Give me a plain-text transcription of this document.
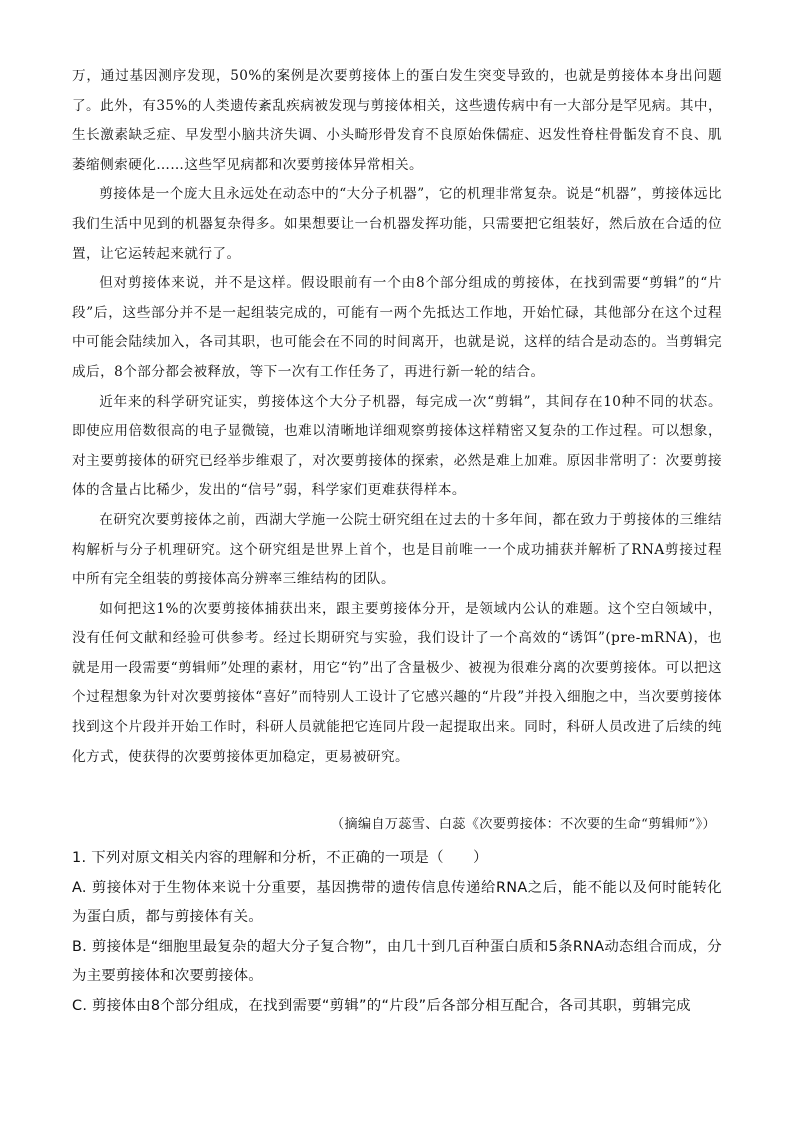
万，通过基因测序发现，50%的案例是次要剪接体上的蛋白发生突变导致的，也就是剪接体本身出问题了。此外，有35%的人类遗传紊乱疾病被发现与剪接体相关，这些遗传病中有一大部分是罕见病。其中，生长激素缺乏症、早发型小脑共济失调、小头畸形骨发育不良原始侏儒症、迟发性脊柱骨骺发育不良、肌萎缩侧索硬化……这些罕见病都和次要剪接体异常相关。

剪接体是一个庞大且永远处在动态中的“大分子机器”，它的机理非常复杂。说是“机器”，剪接体远比我们生活中见到的机器复杂得多。如果想要让一台机器发挥功能，只需要把它组装好，然后放在合适的位置，让它运转起来就行了。

但对剪接体来说，并不是这样。假设眼前有一个由8个部分组成的剪接体，在找到需要“剪辑”的“片段”后，这些部分并不是一起组装完成的，可能有一两个先抵达工作地，开始忙碌，其他部分在这个过程中可能会陆续加入，各司其职，也可能会在不同的时间离开，也就是说，这样的结合是动态的。当剪辑完成后，8个部分都会被释放，等下一次有工作任务了，再进行新一轮的结合。

近年来的科学研究证实，剪接体这个大分子机器，每完成一次“剪辑”，其间存在10种不同的状态。即使应用倍数很高的电子显微镜，也难以清晰地详细观察剪接体这样精密又复杂的工作过程。可以想象，对主要剪接体的研究已经举步维艰了，对次要剪接体的探索，必然是难上加难。原因非常明了：次要剪接体的含量占比稀少，发出的“信号”弱，科学家们更难获得样本。

在研究次要剪接体之前，西湖大学施一公院士研究组在过去的十多年间，都在致力于剪接体的三维结构解析与分子机理研究。这个研究组是世界上首个，也是目前唯一一个成功捕获并解析了RNA剪接过程中所有完全组装的剪接体高分辨率三维结构的团队。

如何把这1%的次要剪接体捕获出来，跟主要剪接体分开，是领域内公认的难题。这个空白领域中，没有任何文献和经验可供参考。经过长期研究与实验，我们设计了一个高效的“诱饵”(pre-mRNA)，也就是用一段需要“剪辑师”处理的素材，用它“钓”出了含量极少、被视为很难分离的次要剪接体。可以把这个过程想象为针对次要剪接体“喜好”而特别人工设计了它感兴趣的“片段”并投入细胞之中，当次要剪接体找到这个片段并开始工作时，科研人员就能把它连同片段一起提取出来。同时，科研人员改进了后续的纯化方式，使获得的次要剪接体更加稳定，更易被研究。

（摘编自万蕊雪、白蕊《次要剪接体：不次要的生命“剪辑师”》）

1. 下列对原文相关内容的理解和分析，不正确的一项是（　　）

A. 剪接体对于生物体来说十分重要，基因携带的遗传信息传递给RNA之后，能不能以及何时能转化为蛋白质，都与剪接体有关。

B. 剪接体是“细胞里最复杂的超大分子复合物”，由几十到几百种蛋白质和5条RNA动态组合而成，分为主要剪接体和次要剪接体。

C. 剪接体由8个部分组成，在找到需要“剪辑”的“片段”后各部分相互配合，各司其职，剪辑完成
